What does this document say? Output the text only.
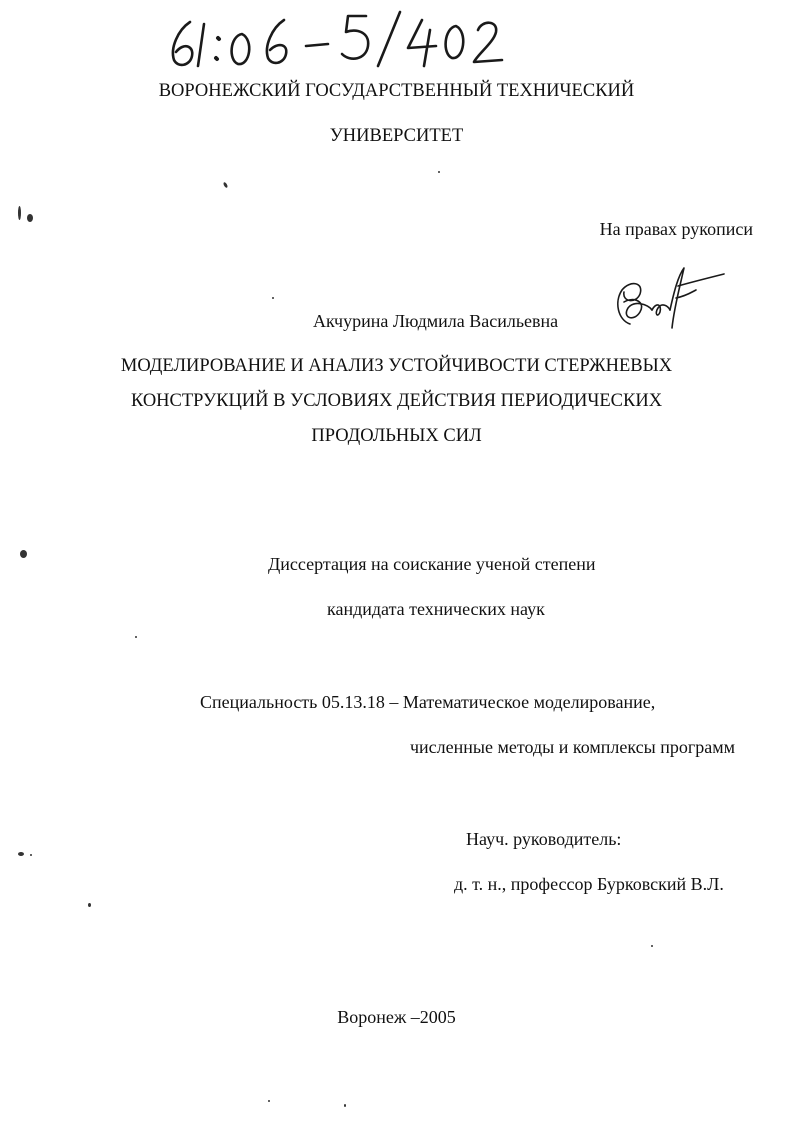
ВОРОНЕЖСКИЙ ГОСУДАРСТВЕННЫЙ ТЕХНИЧЕСКИЙ
УНИВЕРСИТЕТ
На правах рукописи
Акчурина Людмила Васильевна
МОДЕЛИРОВАНИЕ И АНАЛИЗ УСТОЙЧИВОСТИ СТЕРЖНЕВЫХ
КОНСТРУКЦИЙ В УСЛОВИЯХ ДЕЙСТВИЯ ПЕРИОДИЧЕСКИХ
ПРОДОЛЬНЫХ СИЛ
Диссертация на соискание ученой степени
кандидата технических наук
Специальность 05.13.18 – Математическое моделирование,
численные методы и комплексы программ
Науч. руководитель:
д. т. н., профессор Бурковский В.Л.
Воронеж –2005
